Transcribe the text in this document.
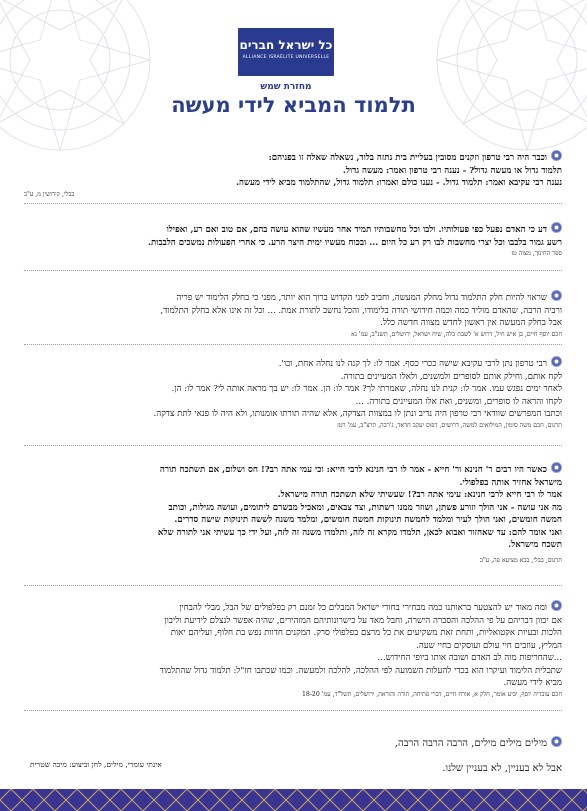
כל ישראל חברים
ALLIANCE ISRAÉLITE UNIVERSELLE
מחזרת שמש
תלמוד המביא לידי מעשה

וכבר היה רבי טרפון וזקנים מסובין בעליית בית נתזה בלוד, נשאלה שאלה זו בפניהם:

תלמוד גדול או מעשה גדול? - נענה רבי טרפון ואמר: מעשה גדול.

נענה רבי עקיבא ואמר: תלמוד גדול. - נענו כולם ואמרו: תלמוד גדול, שהתלמוד מביא לידי מעשה.

בבלי, קידושין מ, ע"ב

דע כי האדם נפעל כפי פעולותיו. ולבו וכל מחשבותיו תמיד אחר מעשיו שהוא עושה בהם, אם טוב ואם רע, ואפילו

רשע גמור בלבבו וכל יצרי מחשבות לבו רק רע כל היום ... ובכוח מעשיו ימית היצר הרע. כי אחרי הפעולות נמשכים הלבבות.

ספר החינוך, מצוה טז

שראוי להיות חלק התלמוד גדול מחלק המעשה, וחביב לפני הקדוש ברוך הוא יותר, מפני כי בחלק הלימוד יש פריה

ורביה הרבה, שהאדם מוליד כמה וכמה חידושי תורה בלימודו, והכל נחשב לתורת אמת. ... וכל זה אינו אלא בחלק התלמוד,

אבל בחלק המעשה אין ראשון לחדש מצווה חדשה כלל.

חכם יוסף חיים, בן איש חיל, דרוש א' לשבת כלה, שיח ישראל, ירושלים, תשנ"ב, עמ' נא

רבי טרפון נתן לרבי עקיבא שישה ככרי כסף. אמר לו: לך קנה לנו נחלה אחת, וכו'.

לקח אותם, וחילק אותם לסופרים ולמשנים, ולאלו המעיינים בתורה.

לאחר ימים נפגש עמו. אמר לו: קנית לנו נחלה, שאמרתי לך? אמר לו: הן. אמר לו: יש בך מראה אותה לי? אמר לו: הן.

לקחו והראה לו סופרים, ומשנים, ואת אלו המעיינים בתורה. ...

וכתבו המפרשים שוודאי רבי טרפון היה נדיב ונתן לו במצוות הצדקה, אלא שהיה תורתו אומנותו, ולא היה לו פנאי לתת צדקה.

תרגום, חכם משה סימון, המילואים למשה, דרושים, דפוס יעקב חדאד, ג'רבה, תרצ"ב, עמ' רטז

כאשר היו רבים ר' חנינא ור' חייא - אמר לו רבי חנינא לרבי חייא: וכי עמי אתה רב?! חס ושלום, אם תשתכח תורה

מישראל אחזיר אותה בפלפולי.

אמר לו רבי חייא לרבי חנינא: עימי אתה רב?! שעשיתי שלא תשתכח תורה מישראל.

מה אני עושה - אני הולך וזורע פשתן, ושוזר ממנו רשתות, וצד צבאים, ומאכיל מבשרם ליתומים, ועושה מגילות, וכותב

חמשה חומשים, ואני הולך לעיר ומלמד לחמשה תינוקות חמשה חומשים, ומלמד משנה לששה תינוקות שישה סדרים.

ואני אומר להם: עד שאחזור ואבוא לכאן, תלמדו מקרא זה לזה, ותלמדו משנה זה לזה, ועל ידי כך עשיתי אני לתורה שלא

תשכח מישראל.

תרגום, בבלי, בבא מציעא פה, ע"ב

ומה מאוד יש להצטער בראותנו כמה מבחירי בחורי ישראל המבלים כל זמנם רק בפלפולים של הבל, מבלי להבחין

אם יכוון דבריהם על פי ההלכה והסברה הישרה, וחבל מאד על כישרונותיהם המזהירים, שהיה אפשר לנצלם לידיעת וליבון

הלכות ובעיות אקטואליות, ותחת זאת משקיעים את כל מרצם בפלפולי סרק. המקנים חדוות נפש בת חלוף, ועליהם יאות

המליץ, עוזבים חיי עולם ועוסקים בחיי שעה.

...שהחריפות מוה לב האדם ושובה אותו ביופי החידוש...

שתכלית הלימוד ועיקרו הוא בכדי להעלות השמועה לפי ההלכה, להלכה ולמעשה. וכמו שכתבו חז"ל: תלמוד גדול שהתלמוד

מביא לידי מעשה.

חכם עובדיה יוסף, יביע אומר, חלק א, אורח חיים, דברי פתיחה, תורה והוראה, ירושלים, תשל"ד, עמ' 18-20

מילים מילים מילים, הרבה הרבה הרבה,

אבל לא בעניין, לא בעניין שלנו.

אינתי עומרי, מילים, לחן וביצוע: מיכה שטרית
